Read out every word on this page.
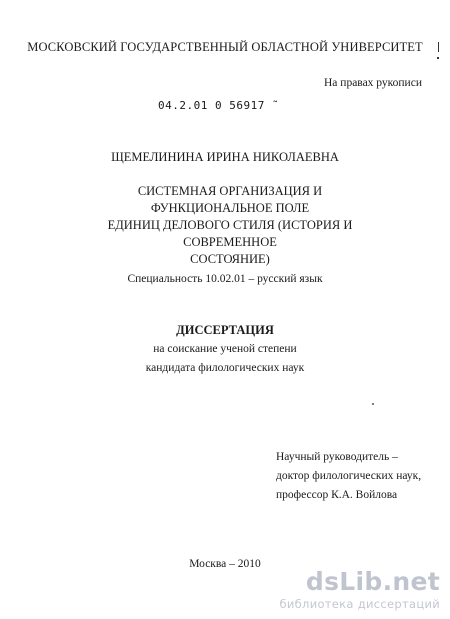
МОСКОВСКИЙ ГОСУДАРСТВЕННЫЙ ОБЛАСТНОЙ УНИВЕРСИТЕТ
На правах рукописи
04.2.01 0 56917 ˜
ЩЕМЕЛИНИНА ИРИНА НИКОЛАЕВНА
СИСТЕМНАЯ ОРГАНИЗАЦИЯ И ФУНКЦИОНАЛЬНОЕ ПОЛЕ
ЕДИНИЦ ДЕЛОВОГО СТИЛЯ (ИСТОРИЯ И СОВРЕМЕННОЕ
СОСТОЯНИЕ)
Специальность 10.02.01 – русский язык
ДИССЕРТАЦИЯ
на соискание ученой степени
кандидата филологических наук
Научный руководитель –
доктор филологических наук,
профессор К.А. Войлова
Москва – 2010
dsLib.net
библиотека диссертаций
